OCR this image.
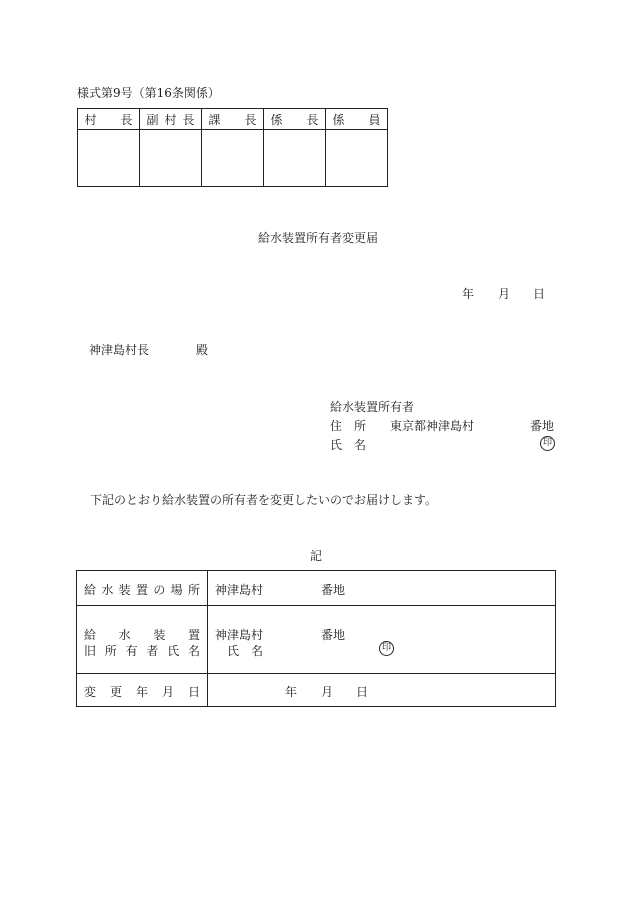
様式第9号（第16条関係）
村　長 副 村 長 課　長 係　長 係　員
給水装置所有者変更届
年 月 日
神津島村長	殿
給水装置所有者
住　所 東京都神津島村	番地
氏　名	印
下記のとおり給水装置の所有者を変更したいのでお届けします。
記
給水装置の場所 神津島村	番地
給水装置
旧所有者氏名
神津島村	番地
氏　名	印
変更年月日	年 月 日
